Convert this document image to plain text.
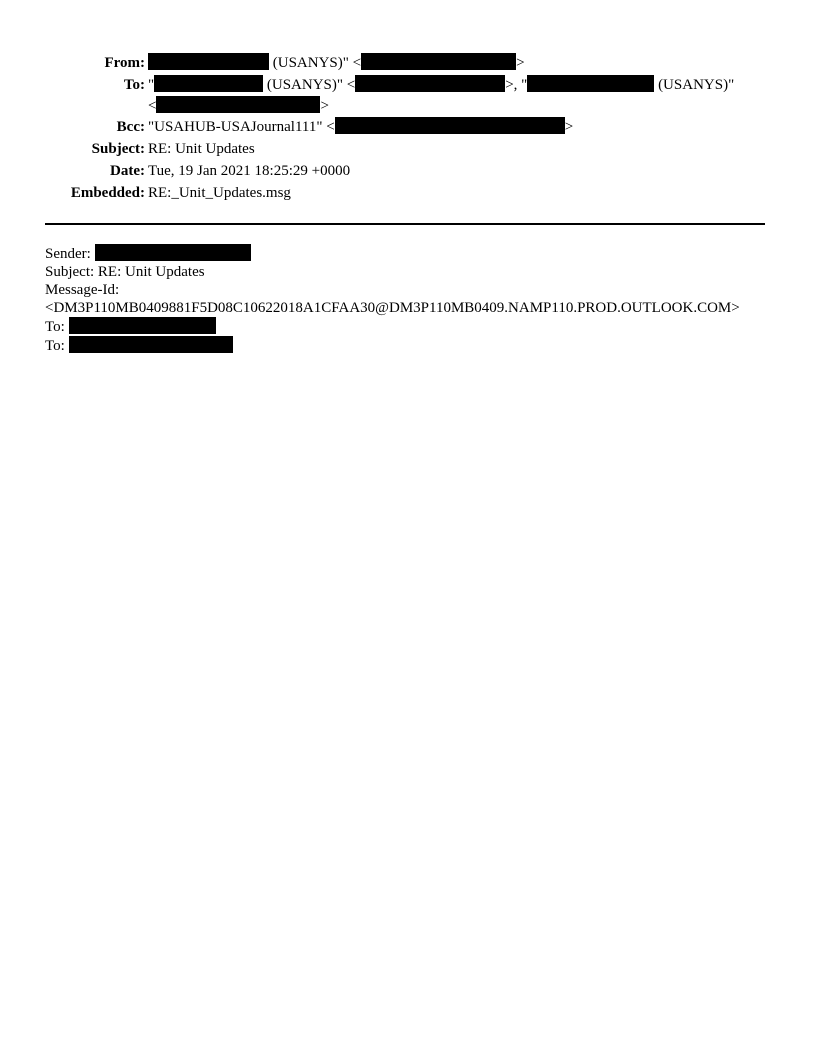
From:	(USANYS)" <	>
To: "	(USANYS)" <	>, "	(USANYS)"
<	>
Bcc: "USAHUB-USAJournal111" <	>
Subject: RE: Unit Updates
Date: Tue, 19 Jan 2021 18:25:29 +0000
Embedded: RE:_Unit_Updates.msg
Sender:
Subject: RE: Unit Updates
Message-Id:
<DM3P110MB0409881F5D08C10622018A1CFAA30@DM3P110MB0409.NAMP110.PROD.OUTLOOK.COM>
To:
To:
